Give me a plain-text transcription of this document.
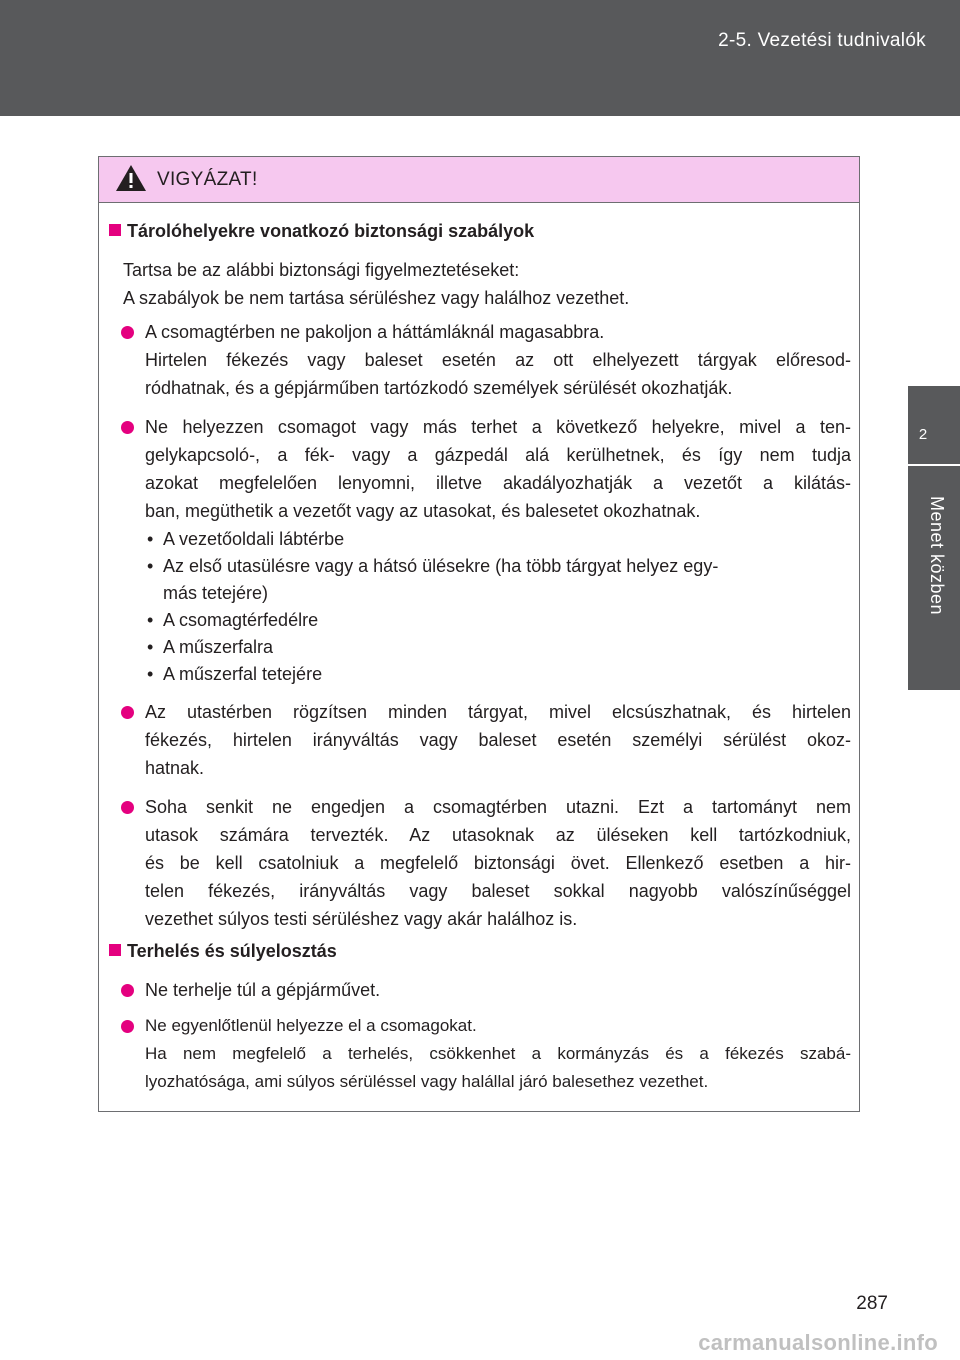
2-5. Vezetési tudnivalók
2
Menet közben
VIGYÁZAT!
Tárolóhelyekre vonatkozó biztonsági szabályok
Tartsa be az alábbi biztonsági figyelmeztetéseket:
A szabályok be nem tartása sérüléshez vagy halálhoz vezethet.
A csomagtérben ne pakoljon a háttámláknál magasabbra.
Hirtelen fékezés vagy baleset esetén az ott elhelyezett tárgyak előresod-
ródhatnak, és a gépjárműben tartózkodó személyek sérülését okozhatják.
Ne helyezzen csomagot vagy más terhet a következő helyekre, mivel a ten-
gelykapcsoló-, a fék- vagy a gázpedál alá kerülhetnek, és így nem tudja
azokat megfelelően lenyomni, illetve akadályozhatják a vezetőt a kilátás-
ban, megüthetik a vezetőt vagy az utasokat, és balesetet okozhatnak.
• A vezetőoldali lábtérbe
• Az első utasülésre vagy a hátsó ülésekre (ha több tárgyat helyez egy-
más tetejére)
• A csomagtérfedélre
• A műszerfalra
• A műszerfal tetejére
Az utastérben rögzítsen minden tárgyat, mivel elcsúszhatnak, és hirtelen
fékezés, hirtelen irányváltás vagy baleset esetén személyi sérülést okoz-
hatnak.
Soha senkit ne engedjen a csomagtérben utazni. Ezt a tartományt nem
utasok számára tervezték. Az utasoknak az üléseken kell tartózkodniuk,
és be kell csatolniuk a megfelelő biztonsági övet. Ellenkező esetben a hir-
telen fékezés, irányváltás vagy baleset sokkal nagyobb valószínűséggel
vezethet súlyos testi sérüléshez vagy akár halálhoz is.
Terhelés és súlyelosztás
Ne terhelje túl a gépjárművet.
Ne egyenlőtlenül helyezze el a csomagokat.
Ha nem megfelelő a terhelés, csökkenhet a kormányzás és a fékezés szabá-
lyozhatósága, ami súlyos sérüléssel vagy halállal járó balesethez vezethet.
287
carmanualsonline.info
